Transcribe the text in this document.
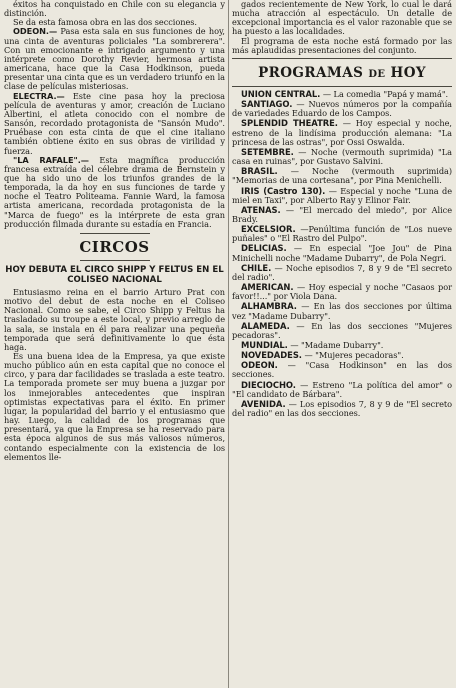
éxitos ha conquistado en Chile con su elegancia y distinción.

Se da esta famosa obra en las dos secciones.

ODEON.— Pasa esta sala en sus funciones de hoy, una cinta de aventuras policiales "La sombrerera". Con un emocionante e intrigado argumento y una intérprete como Dorothy Revier, hermosa artista americana, hace que la Casa Hodkinson, pueda presentar una cinta que es un verdadero triunfo en la clase de películas misteriosas.

ELECTRA.— Este cine pasa hoy la preciosa película de aventuras y amor, creación de Luciano Albertini, el atleta conocido con el nombre de Sansón, recordado protagonista de "Sansón Mudo". Pruébase con esta cinta de que el cine italiano también obtiene éxito en sus obras de virilidad y fuerza.

"LA RAFALE".— Esta magnífica producción francesa extraída del célebre drama de Bernstein y que ha sido uno de los triunfos grandes de la temporada, la da hoy en sus funciones de tarde y noche el Teatro Politeama. Fannie Ward, la famosa artista americana, recordada protagonista de la "Marca de fuego" es la intérprete de esta gran producción filmada durante su estadía en Francia.

CIRCOS
HOY DEBUTA EL CIRCO SHIPP Y FELTUS EN EL COLISEO NACIONAL

Entusiasmo reina en el barrio Arturo Prat con motivo del debut de esta noche en el Coliseo Nacional. Como se sabe, el Circo Shipp y Feltus ha trasladado su troupe a este local, y previo arreglo de la sala, se instala en él para realizar una pequeña temporada que será definitivamente lo que ésta haga.

Es una buena idea de la Empresa, ya que existe mucho público aún en esta capital que no conoce el circo, y para dar facilidades se traslada a este teatro. La temporada promete ser muy buena a juzgar por los inmejorables antecedentes que inspiran optimistas expectativas para el éxito. En primer lugar, la popularidad del barrio y el entusiasmo que hay. Luego, la calidad de los programas que presentará, ya que la Empresa se ha reservado para esta época algunos de sus más valiosos números, contando especialmente con la existencia de los elementos lle-

gados recientemente de New York, lo cual le dará mucha atracción al espectáculo. Un detalle de excepcional importancia es el valor razonable que se ha puesto a las localidades.

El programa de esta noche está formado por las más aplaudidas presentaciones del conjunto.

PROGRAMAS DE HOY

UNION CENTRAL. — La comedia "Papá y mamá".

SANTIAGO. — Nuevos números por la compañía de variedades Eduardo de los Campos.

SPLENDID THEATRE. — Hoy especial y noche, estreno de la lindísima producción alemana: "La princesa de las ostras", por Ossi Oswalda.

SETEMBRE. — Noche (vermouth suprimida) "La casa en ruinas", por Gustavo Salvini.

BRASIL. — Noche (vermouth suprimida) "Memorias de una cortesana", por Pina Menichelli.

IRIS (Castro 130). — Especial y noche "Luna de miel en Taxi", por Alberto Ray y Elinor Fair.

ATENAS. — "El mercado del miedo", por Alice Brady.

EXCELSIOR. —Penúltima función de "Los nueve puñales" o "El Rastro del Pulpo".

DELICIAS. — En especial "Joe Jou" de Pina Minichelli noche "Madame Dubarry", de Pola Negri.

CHILE. — Noche episodios 7, 8 y 9 de "El secreto del radio".

AMERICAN. — Hoy especial y noche "Casaos por favor!!..." por Viola Dana.

ALHAMBRA. — En las dos secciones por última vez "Madame Dubarry".

ALAMEDA. — En las dos secciones "Mujeres pecadoras".

MUNDIAL. — "Madame Dubarry".

NOVEDADES. — "Mujeres pecadoras".

ODEON. — "Casa Hodkinson" en las dos secciones.

DIECIOCHO. — Estreno "La política del amor" o "El candidato de Bárbara".

AVENIDA. — Los episodios 7, 8 y 9 de "El secreto del radio" en las dos secciones.
